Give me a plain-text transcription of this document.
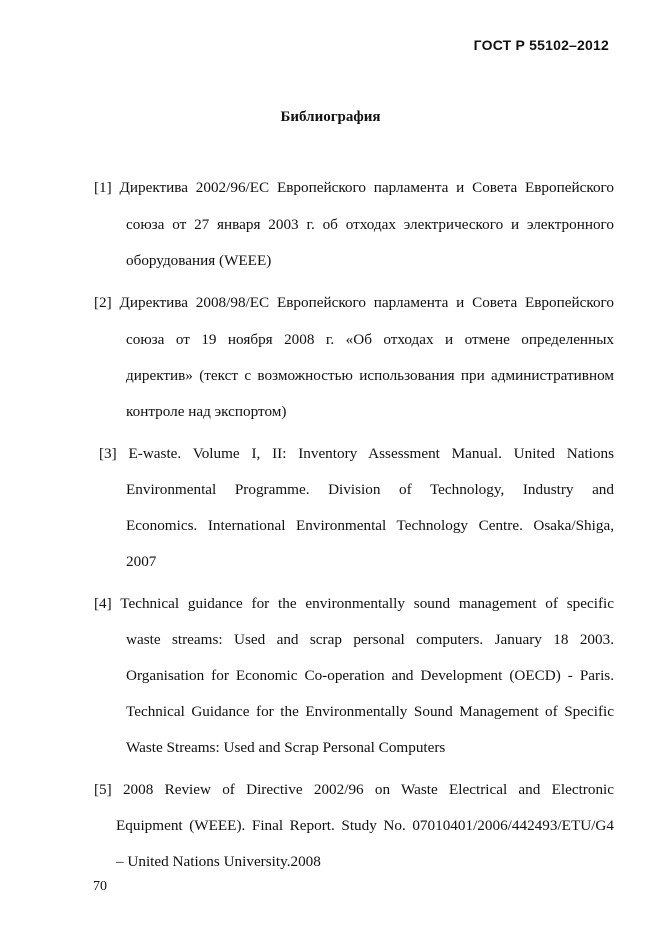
ГОСТ Р 55102–2012
Библиография
[1] Директива 2002/96/ЕС Европейского парламента и Совета Европейского
союза от 27 января 2003 г. об отходах электрического и электронного
оборудования (WEEE)
[2] Директива 2008/98/ЕС Европейского парламента и Совета Европейского
союза от 19 ноября 2008 г. «Об отходах и отмене определенных
директив» (текст с возможностью использования при административном
контроле над экспортом)
[3] E-waste. Volume I, II: Inventory Assessment Manual. United Nations
Environmental Programme. Division of Technology, Industry and
Economics. International Environmental Technology Centre. Osaka/Shiga,
2007
[4] Technical guidance for the environmentally sound management of specific
waste streams: Used and scrap personal computers. January 18 2003.
Organisation for Economic Co-operation and Development (OECD) - Paris.
Technical Guidance for the Environmentally Sound Management of Specific
Waste Streams: Used and Scrap Personal Computers
[5] 2008 Review of Directive 2002/96 on Waste Electrical and Electronic
Equipment (WEEE). Final Report. Study No. 07010401/2006/442493/ETU/G4
– United Nations University.2008
70
